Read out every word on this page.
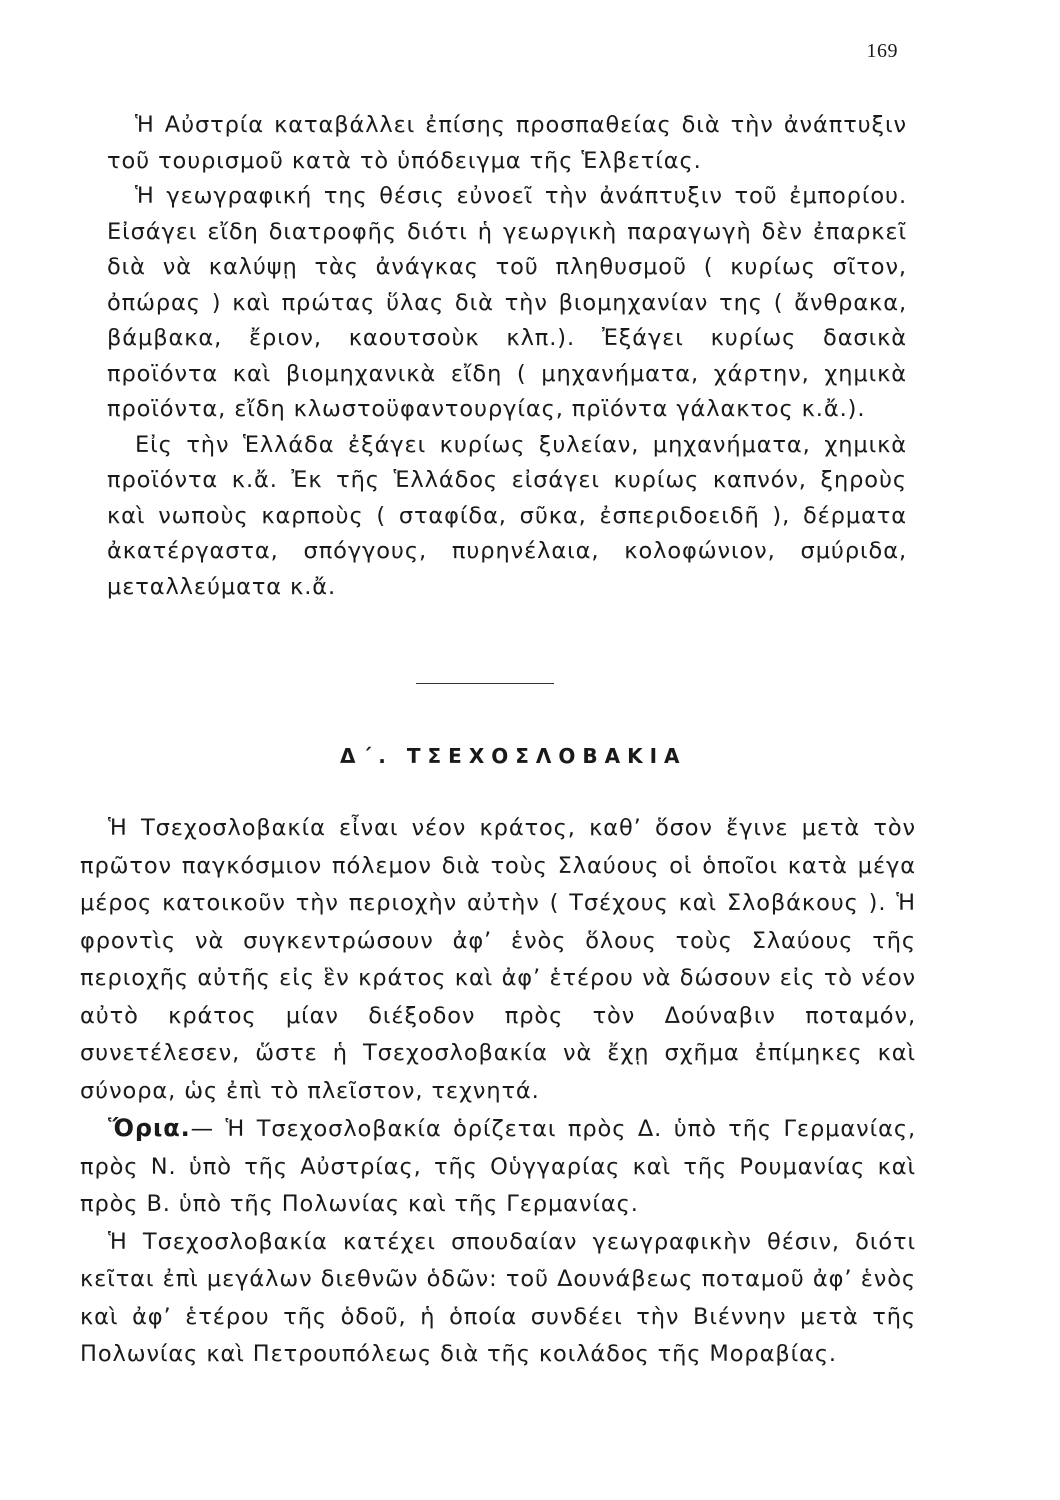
169

Ἡ Αὐστρία καταβάλλει ἐπίσης προσπαθείας διὰ τὴν ἀνάπτυξιν τοῦ τουρισμοῦ κατὰ τὸ ὑπόδειγμα τῆς Ἑλβετίας.

Ἡ γεωγραφική της θέσις εὐνοεῖ τὴν ἀνάπτυξιν τοῦ ἐμπορίου. Εἰσάγει εἴδη διατροφῆς διότι ἡ γεωργικὴ παραγωγὴ δὲν ἐπαρκεῖ διὰ νὰ καλύψῃ τὰς ἀνάγκας τοῦ πληθυσμοῦ ( κυρίως σῖτον, ὀπώρας ) καὶ πρώτας ὕλας διὰ τὴν βιομηχανίαν της ( ἄνθρακα, βάμβακα, ἔριον, καουτσοὺκ κλπ.). Ἐξάγει κυρίως δασικὰ προϊόντα καὶ βιομηχανικὰ εἴδη ( μηχανήματα, χάρτην, χημικὰ προϊόντα, εἴδη κλωστοϋφαντουργίας, πρϊόντα γάλακτος κ.ἄ.).

Εἰς τὴν Ἑλλάδα ἐξάγει κυρίως ξυλείαν, μηχανήματα, χημικὰ προϊόντα κ.ἄ. Ἐκ τῆς Ἑλλάδος εἰσάγει κυρίως καπνόν, ξηροὺς καὶ νωποὺς καρποὺς ( σταφίδα, σῦκα, ἐσπεριδοειδῆ ), δέρματα ἀκατέργαστα, σπόγγους, πυρηνέλαια, κολοφώνιον, σμύριδα, μεταλλεύματα κ.ἄ.

Δ΄. ΤΣΕΧΟΣΛΟΒΑΚΙΑ

Ἡ Τσεχοσλοβακία εἶναι νέον κράτος, καθ’ ὅσον ἔγινε μετὰ τὸν πρῶτον παγκόσμιον πόλεμον διὰ τοὺς Σλαύους οἱ ὁποῖοι κατὰ μέγα μέρος κατοικοῦν τὴν περιοχὴν αὐτὴν ( Τσέχους καὶ Σλοβάκους ). Ἡ φροντὶς νὰ συγκεντρώσουν ἀφ’ ἑνὸς ὅλους τοὺς Σλαύους τῆς περιοχῆς αὐτῆς εἰς ἓν κράτος καὶ ἀφ’ ἑτέρου νὰ δώσουν εἰς τὸ νέον αὐτὸ κράτος μίαν διέξοδον πρὸς τὸν Δούναβιν ποταμόν, συνετέλεσεν, ὥστε ἡ Τσεχοσλοβακία νὰ ἔχῃ σχῆμα ἐπίμηκες καὶ σύνορα, ὡς ἐπὶ τὸ πλεῖστον, τεχνητά.

Ὅρια.— Ἡ Τσεχοσλοβακία ὁρίζεται πρὸς Δ. ὑπὸ τῆς Γερμανίας, πρὸς Ν. ὑπὸ τῆς Αὐστρίας, τῆς Οὑγγαρίας καὶ τῆς Ρουμανίας καὶ πρὸς Β. ὑπὸ τῆς Πολωνίας καὶ τῆς Γερμανίας.

Ἡ Τσεχοσλοβακία κατέχει σπουδαίαν γεωγραφικὴν θέσιν, διότι κεῖται ἐπὶ μεγάλων διεθνῶν ὁδῶν: τοῦ Δουνάβεως ποταμοῦ ἀφ’ ἑνὸς καὶ ἀφ’ ἑτέρου τῆς ὁδοῦ, ἡ ὁποία συνδέει τὴν Βιέννην μετὰ τῆς Πολωνίας καὶ Πετρουπόλεως διὰ τῆς κοιλάδος τῆς Μοραβίας.
